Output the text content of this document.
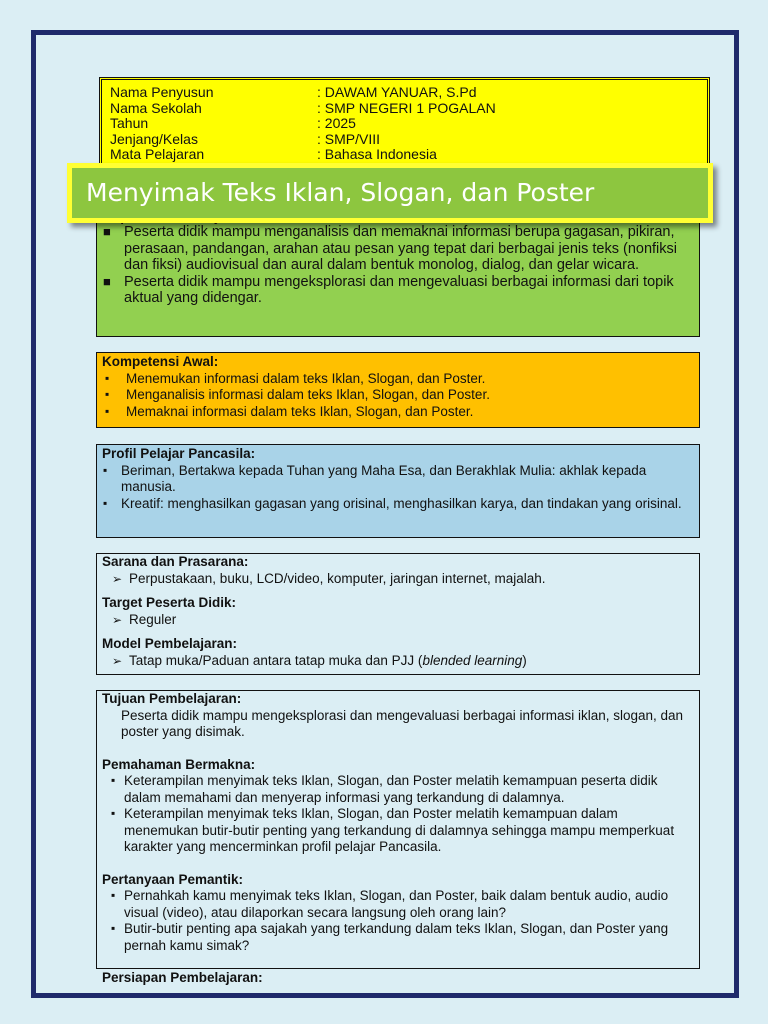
Nama Penyusun	: DAWAM YANUAR, S.Pd
Nama Sekolah	: SMP NEGERI 1 POGALAN
Tahun	: 2025
Jenjang/Kelas	: SMP/VIII
Mata Pelajaran	: Bahasa Indonesia
■ Peserta didik mampu menganalisis dan memaknai informasi berupa gagasan, pikiran, perasaan, pandangan, arahan atau pesan yang tepat dari berbagai jenis teks (nonfiksi dan fiksi) audiovisual dan aural dalam bentuk monolog, dialog, dan gelar wicara.
■ Peserta didik mampu mengeksplorasi dan mengevaluasi berbagai informasi dari topik aktual yang didengar.
Menyimak Teks Iklan, Slogan, dan Poster
Kompetensi Awal:
▪ Menemukan informasi dalam teks Iklan, Slogan, dan Poster.
▪ Menganalisis informasi dalam teks Iklan, Slogan, dan Poster.
▪ Memaknai informasi dalam teks Iklan, Slogan, dan Poster.
Profil Pelajar Pancasila:
▪ Beriman, Bertakwa kepada Tuhan yang Maha Esa, dan Berakhlak Mulia: akhlak kepada manusia.
▪ Kreatif: menghasilkan gagasan yang orisinal, menghasilkan karya, dan tindakan yang orisinal.
Sarana dan Prasarana:
➢ Perpustakaan, buku, LCD/video, komputer, jaringan internet, majalah.
Target Peserta Didik:
➢ Reguler
Model Pembelajaran:
➢ Tatap muka/Paduan antara tatap muka dan PJJ (blended learning)
Tujuan Pembelajaran:
Peserta didik mampu mengeksplorasi dan mengevaluasi berbagai informasi iklan, slogan, dan poster yang disimak.
Pemahaman Bermakna:
▪ Keterampilan menyimak teks Iklan, Slogan, dan Poster melatih kemampuan peserta didik dalam memahami dan menyerap informasi yang terkandung di dalamnya.
▪ Keterampilan menyimak teks Iklan, Slogan, dan Poster melatih kemampuan dalam menemukan butir-butir penting yang terkandung di dalamnya sehingga mampu memperkuat karakter yang mencerminkan profil pelajar Pancasila.
Pertanyaan Pemantik:
▪ Pernahkah kamu menyimak teks Iklan, Slogan, dan Poster, baik dalam bentuk audio, audio visual (video), atau dilaporkan secara langsung oleh orang lain?
▪ Butir-butir penting apa sajakah yang terkandung dalam teks Iklan, Slogan, dan Poster yang pernah kamu simak?
Persiapan Pembelajaran:
